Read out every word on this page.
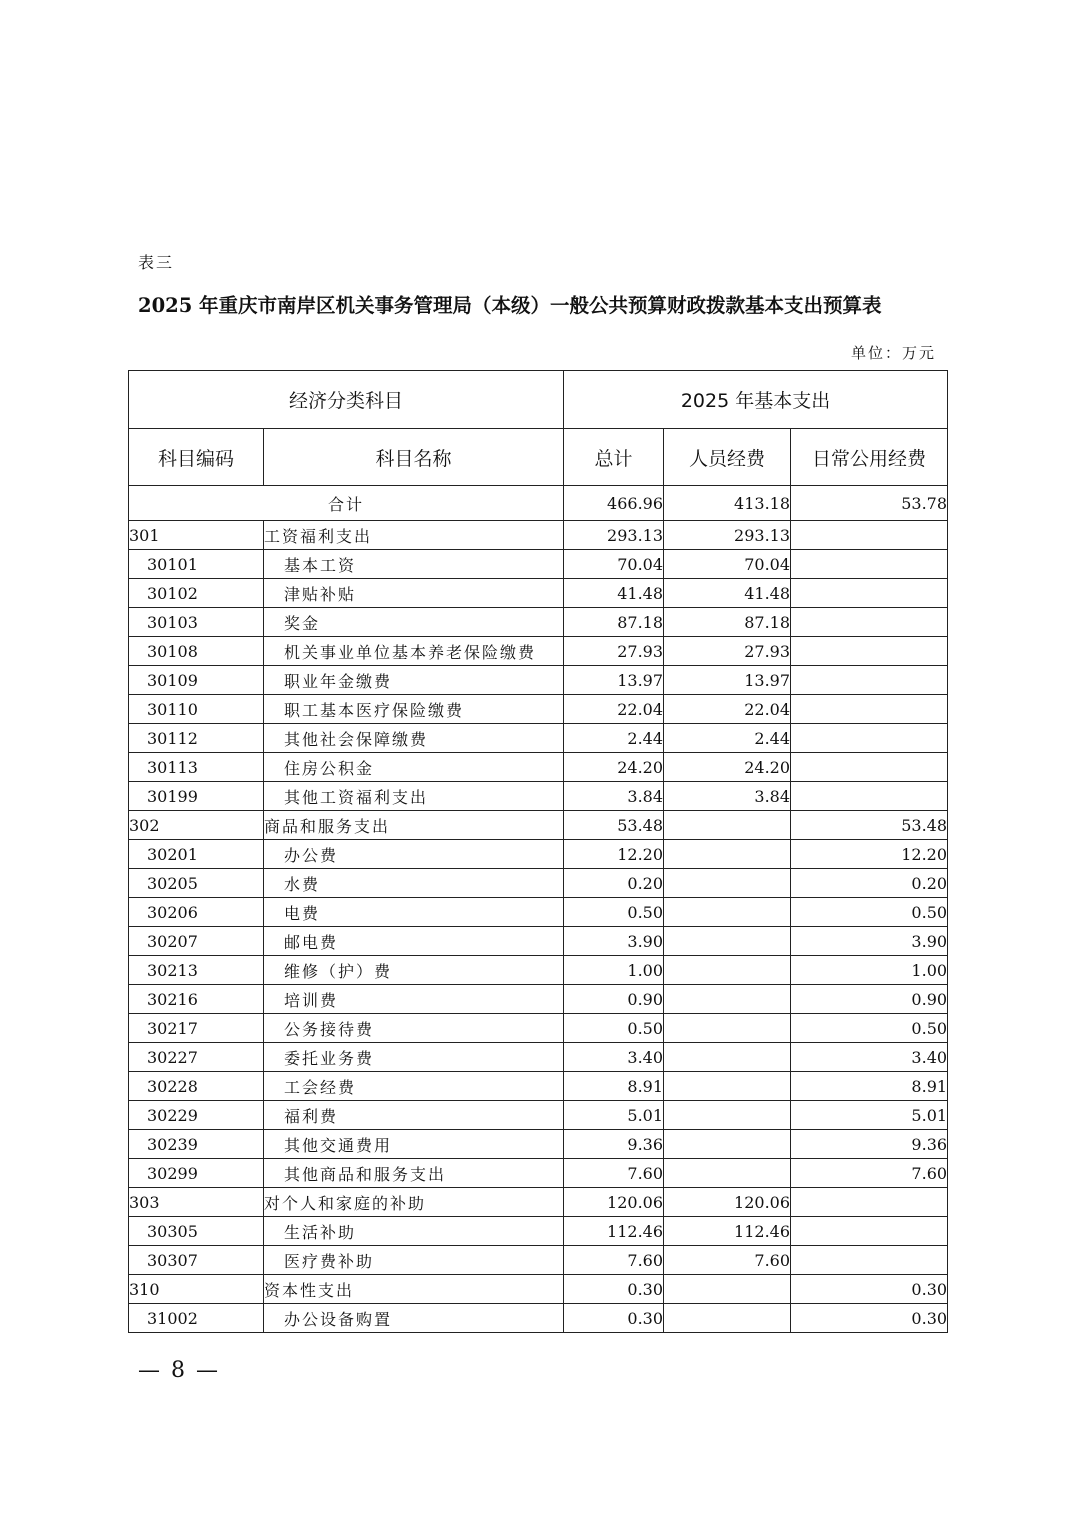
表三
2025 年重庆市南岸区机关事务管理局（本级）一般公共预算财政拨款基本支出预算表
单位：万元
经济分类科目		2025 年基本支出		
科目编码	科目名称	总计	人员经费	日常公用经费
合计		466.96	413.18	53.78
301	工资福利支出	293.13	293.13	
30101	基本工资	70.04	70.04	
30102	津贴补贴	41.48	41.48	
30103	奖金	87.18	87.18	
30108	机关事业单位基本养老保险缴费	27.93	27.93	
30109	职业年金缴费	13.97	13.97	
30110	职工基本医疗保险缴费	22.04	22.04	
30112	其他社会保障缴费	2.44	2.44	
30113	住房公积金	24.20	24.20	
30199	其他工资福利支出	3.84	3.84	
302	商品和服务支出	53.48		53.48
30201	办公费	12.20		12.20
30205	水费	0.20		0.20
30206	电费	0.50		0.50
30207	邮电费	3.90		3.90
30213	维修（护）费	1.00		1.00
30216	培训费	0.90		0.90
30217	公务接待费	0.50		0.50
30227	委托业务费	3.40		3.40
30228	工会经费	8.91		8.91
30229	福利费	5.01		5.01
30239	其他交通费用	9.36		9.36
30299	其他商品和服务支出	7.60		7.60
303	对个人和家庭的补助	120.06	120.06	
30305	生活补助	112.46	112.46	
30307	医疗费补助	7.60	7.60	
310	资本性支出	0.30		0.30
31002	办公设备购置	0.30		0.30
— 8 —
